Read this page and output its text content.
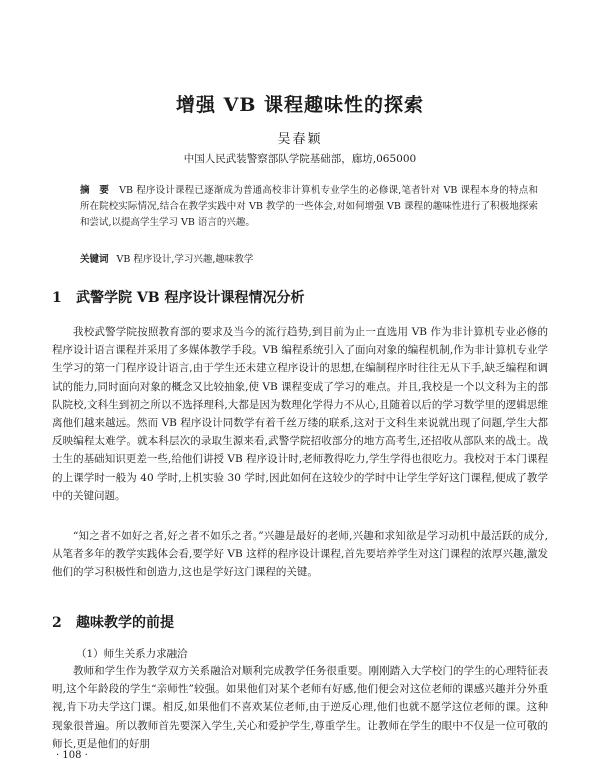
增强 VB 课程趣味性的探索
吴春颖
中国人民武装警察部队学院基础部，廊坊,065000
摘　要 VB 程序设计课程已逐渐成为普通高校非计算机专业学生的必修课,笔者针对 VB 课程本身的特点和所在院校实际情况,结合在教学实践中对 VB 教学的一些体会,对如何增强 VB 课程的趣味性进行了积极地探索和尝试,以提高学生学习 VB 语言的兴趣。
关键词 VB 程序设计,学习兴趣,趣味教学
1 武警学院 VB 程序设计课程情况分析
我校武警学院按照教育部的要求及当今的流行趋势,到目前为止一直选用 VB 作为非计算机专业必修的程序设计语言课程并采用了多媒体教学手段。VB 编程系统引入了面向对象的编程机制,作为非计算机专业学生学习的第一门程序设计语言,由于学生还未建立程序设计的思想,在编制程序时往往无从下手,缺乏编程和调试的能力,同时面向对象的概念又比较抽象,使 VB 课程变成了学习的难点。并且,我校是一个以文科为主的部队院校,文科生到初之所以不选择理科,大都是因为数理化学得力不从心,且随着以后的学习数学里的逻辑思维离他们越来越远。然而 VB 程序设计同数学有着千丝万缕的联系,这对于文科生来说就出现了问题,学生大都反映编程太难学。就本科层次的录取生源来看,武警学院招收部分的地方高考生,还招收从部队来的战士。战士生的基础知识更差一些,给他们讲授 VB 程序设计时,老师教得吃力,学生学得也很吃力。我校对于本门课程的上课学时一般为 40 学时,上机实验 30 学时,因此如何在这较少的学时中让学生学好这门课程,便成了教学中的关键问题。
“知之者不如好之者,好之者不如乐之者。”兴趣是最好的老师,兴趣和求知欲是学习动机中最活跃的成分,从笔者多年的教学实践体会看,要学好 VB 这样的程序设计课程,首先要培养学生对这门课程的浓厚兴趣,激发他们的学习积极性和创造力,这也是学好这门课程的关键。
2 趣味教学的前提
（1）师生关系力求融洽
教师和学生作为教学双方关系融洽对顺利完成教学任务很重要。刚刚踏入大学校门的学生的心理特征表明,这个年龄段的学生“亲师性”较强。如果他们对某个老师有好感,他们便会对这位老师的课感兴趣并分外重视,肯下功夫学这门课。相反,如果他们不喜欢某位老师,由于逆反心理,他们也就不愿学这位老师的课。这种现象很普遍。所以教师首先要深入学生,关心和爱护学生,尊重学生。让教师在学生的眼中不仅是一位可敬的师长,更是他们的好朋
· 108 ·
